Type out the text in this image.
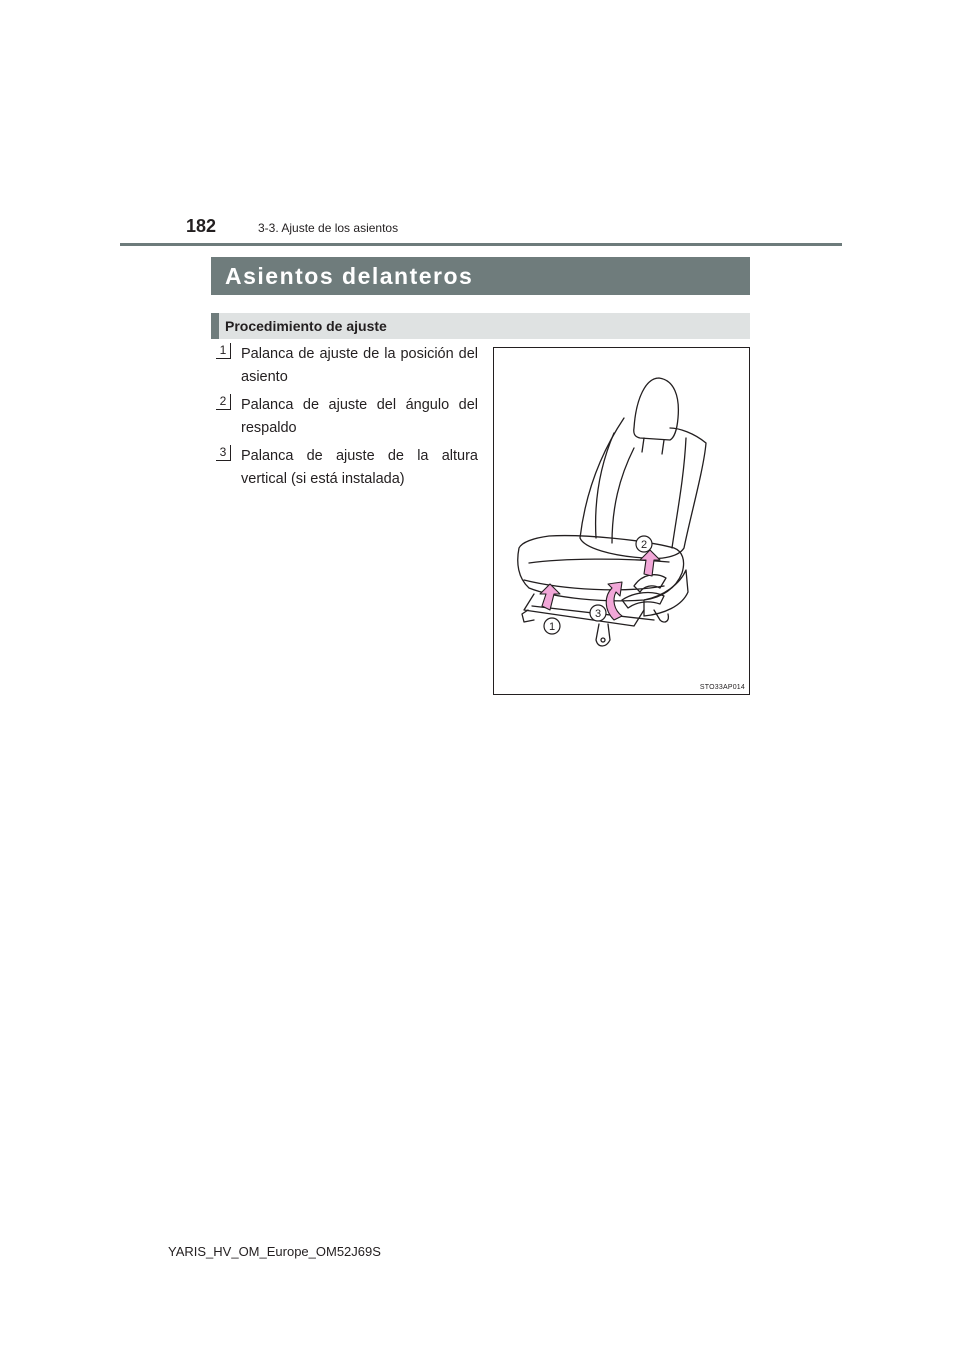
182	3-3. Ajuste de los asientos
Asientos delanteros
Procedimiento de ajuste
1	Palanca de ajuste de la posición del asiento
2	Palanca de ajuste del ángulo del respaldo
3	Palanca de ajuste de la altura vertical (si está instalada)
1
2
3
STO33AP014
YARIS_HV_OM_Europe_OM52J69S
